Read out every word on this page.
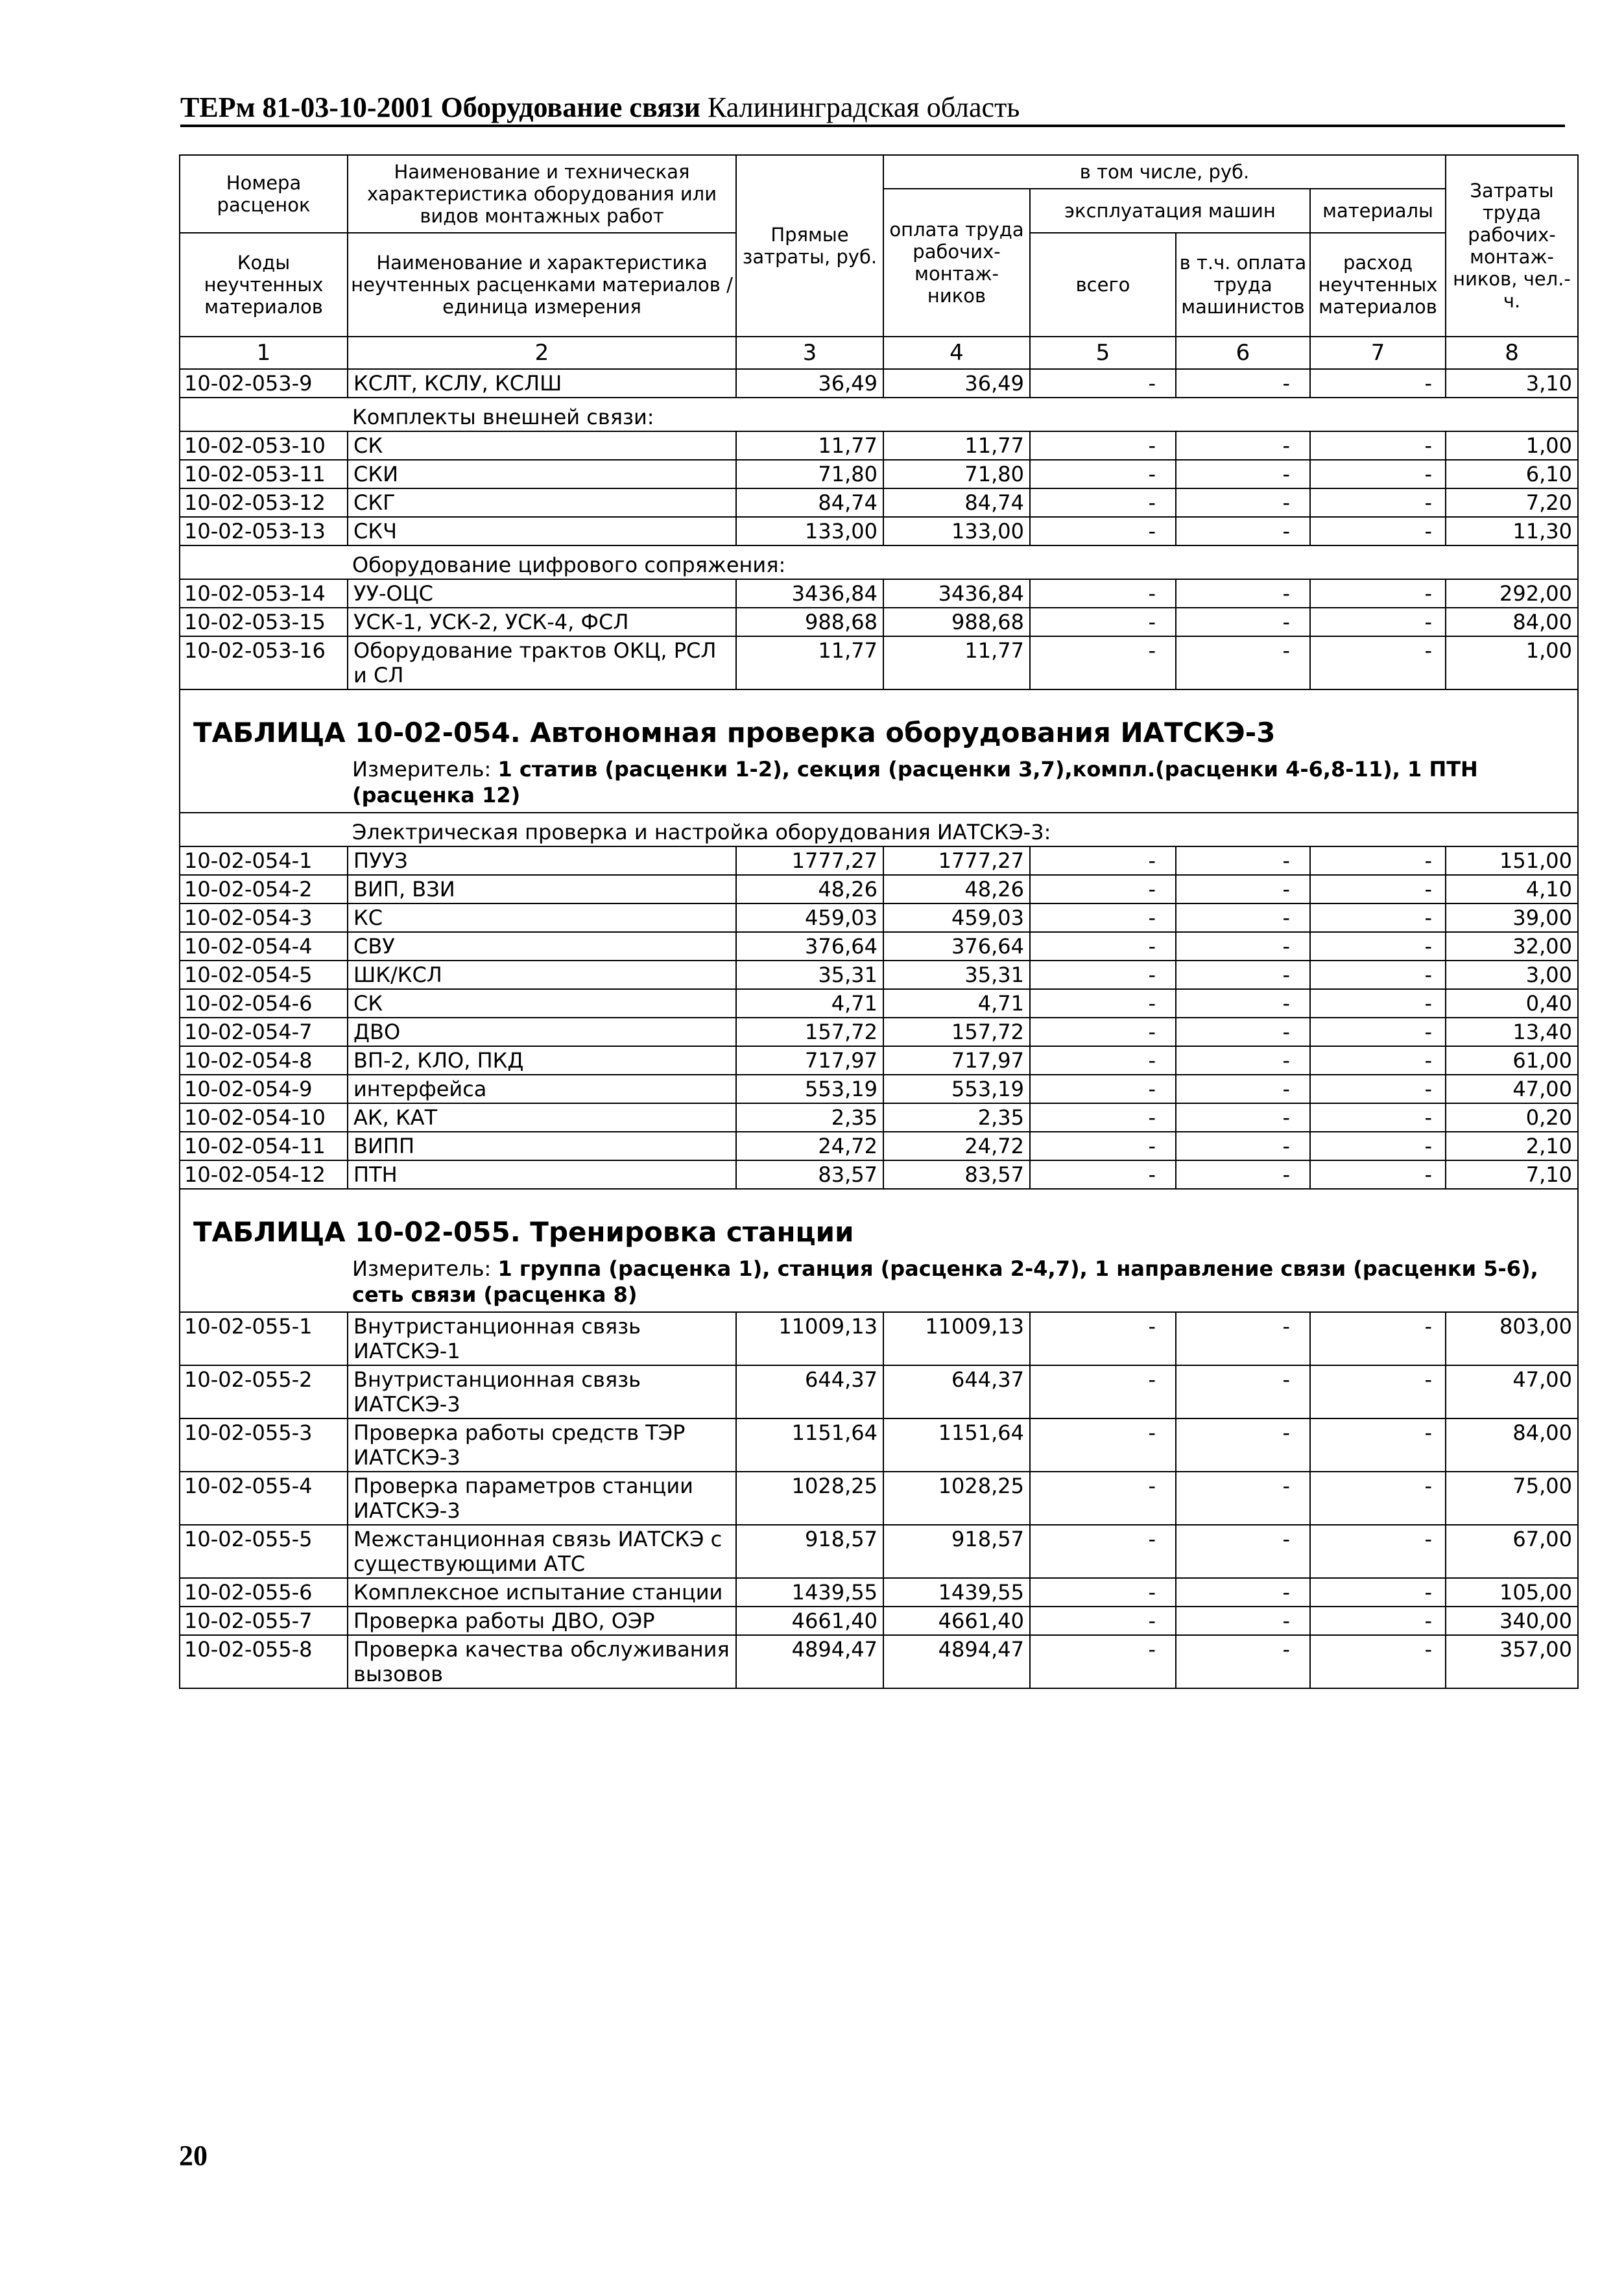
ТЕРм 81-03-10-2001 Оборудование связи Калининградская область
Номера расценок	Наименование и техническая характеристика оборудования или видов монтажных работ	Прямые затраты, руб.	в том числе, руб.				Затраты труда рабочих-монтаж-ников, чел.-ч.
			оплата труда рабочих-монтаж-ников	эксплуатация машин		материалы	
Коды неучтенных материалов	Наименование и характеристика неучтенных расценками материалов / единица измерения			всего	в т.ч. оплата труда машинистов	расход неучтенных материалов	
1	2	3	4	5	6	7	8
10-02-053-9	КСЛТ, КСЛУ, КСЛШ	36,49	36,49	-	-	-	3,10
Комплекты внешней связи:							
10-02-053-10	СК	11,77	11,77	-	-	-	1,00
10-02-053-11	СКИ	71,80	71,80	-	-	-	6,10
10-02-053-12	СКГ	84,74	84,74	-	-	-	7,20
10-02-053-13	СКЧ	133,00	133,00	-	-	-	11,30
Оборудование цифрового сопряжения:							
10-02-053-14	УУ-ОЦС	3436,84	3436,84	-	-	-	292,00
10-02-053-15	УСК-1, УСК-2, УСК-4, ФСЛ	988,68	988,68	-	-	-	84,00
10-02-053-16	Оборудование трактов ОКЦ, РСЛ и СЛ	11,77	11,77	-	-	-	1,00

ТАБЛИЦА 10-02-054. Автономная проверка оборудования ИАТСКЭ-3
Измеритель: 1 статив (расценки 1-2), секция (расценки 3,7),компл.(расценки 4-6,8-11), 1 ПТН (расценка 12)							

Электрическая проверка и настройка оборудования ИАТСКЭ-3:							
10-02-054-1	ПУУЗ	1777,27	1777,27	-	-	-	151,00
10-02-054-2	ВИП, ВЗИ	48,26	48,26	-	-	-	4,10
10-02-054-3	КС	459,03	459,03	-	-	-	39,00
10-02-054-4	СВУ	376,64	376,64	-	-	-	32,00
10-02-054-5	ШК/КСЛ	35,31	35,31	-	-	-	3,00
10-02-054-6	СК	4,71	4,71	-	-	-	0,40
10-02-054-7	ДВО	157,72	157,72	-	-	-	13,40
10-02-054-8	ВП-2, КЛО, ПКД	717,97	717,97	-	-	-	61,00
10-02-054-9	интерфейса	553,19	553,19	-	-	-	47,00
10-02-054-10	АК, КАТ	2,35	2,35	-	-	-	0,20
10-02-054-11	ВИПП	24,72	24,72	-	-	-	2,10
10-02-054-12	ПТН	83,57	83,57	-	-	-	7,10

ТАБЛИЦА 10-02-055. Тренировка станции
Измеритель: 1 группа (расценка 1), станция (расценка 2-4,7), 1 направление связи (расценки 5-6), сеть связи (расценка 8)							

10-02-055-1	Внутристанционная связь ИАТСКЭ-1	11009,13	11009,13	-	-	-	803,00
10-02-055-2	Внутристанционная связь ИАТСКЭ-3	644,37	644,37	-	-	-	47,00
10-02-055-3	Проверка работы средств ТЭР ИАТСКЭ-3	1151,64	1151,64	-	-	-	84,00
10-02-055-4	Проверка параметров станции ИАТСКЭ-3	1028,25	1028,25	-	-	-	75,00
10-02-055-5	Межстанционная связь ИАТСКЭ с существующими АТС	918,57	918,57	-	-	-	67,00
10-02-055-6	Комплексное испытание станции	1439,55	1439,55	-	-	-	105,00
10-02-055-7	Проверка работы ДВО, ОЭР	4661,40	4661,40	-	-	-	340,00
10-02-055-8	Проверка качества обслуживания вызовов	4894,47	4894,47	-	-	-	357,00
20
